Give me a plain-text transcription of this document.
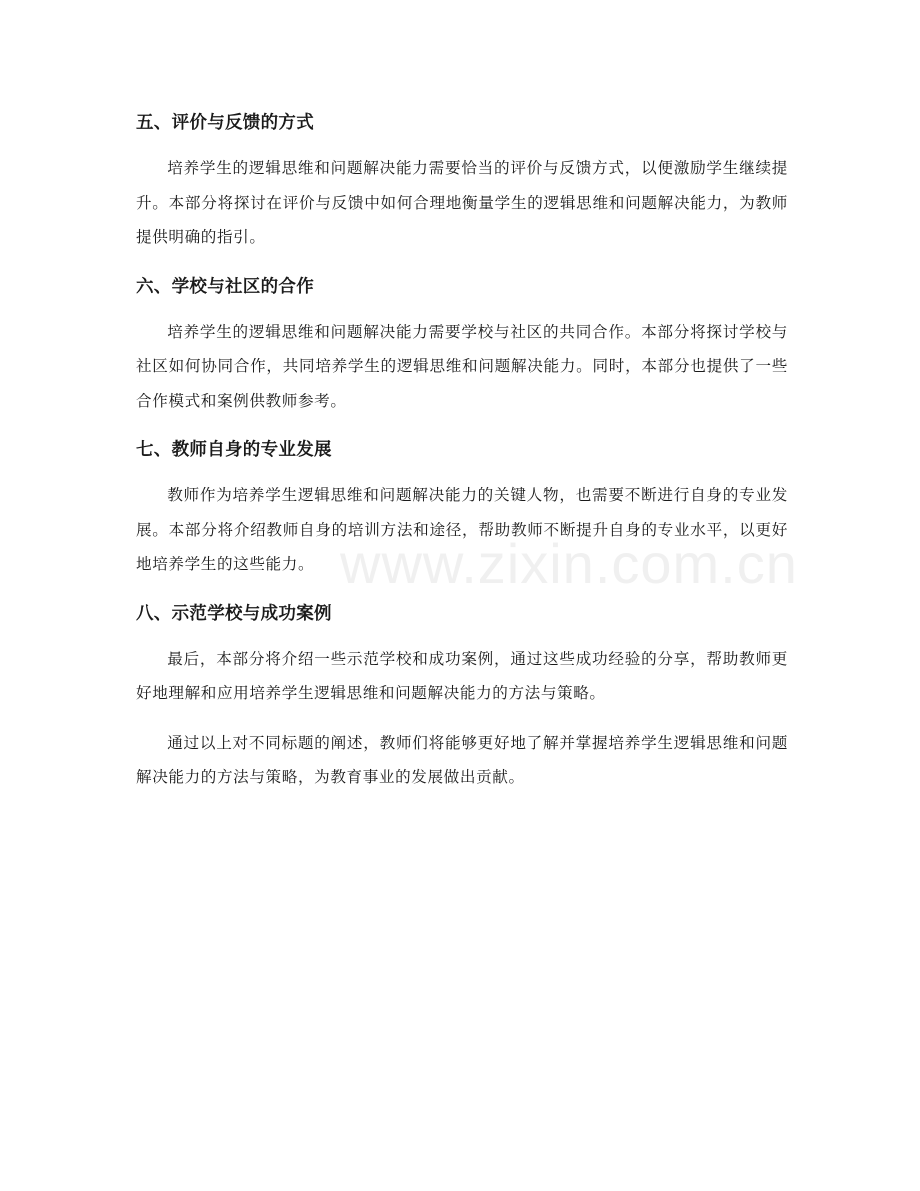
五、评价与反馈的方式

培养学生的逻辑思维和问题解决能力需要恰当的评价与反馈方式，以便激励学生继续提升。本部分将探讨在评价与反馈中如何合理地衡量学生的逻辑思维和问题解决能力，为教师提供明确的指引。

六、学校与社区的合作

培养学生的逻辑思维和问题解决能力需要学校与社区的共同合作。本部分将探讨学校与社区如何协同合作，共同培养学生的逻辑思维和问题解决能力。同时，本部分也提供了一些合作模式和案例供教师参考。

七、教师自身的专业发展

教师作为培养学生逻辑思维和问题解决能力的关键人物，也需要不断进行自身的专业发展。本部分将介绍教师自身的培训方法和途径，帮助教师不断提升自身的专业水平，以更好地培养学生的这些能力。

八、示范学校与成功案例

最后，本部分将介绍一些示范学校和成功案例，通过这些成功经验的分享，帮助教师更好地理解和应用培养学生逻辑思维和问题解决能力的方法与策略。

通过以上对不同标题的阐述，教师们将能够更好地了解并掌握培养学生逻辑思维和问题解决能力的方法与策略，为教育事业的发展做出贡献。

www.zixin.com.cn
